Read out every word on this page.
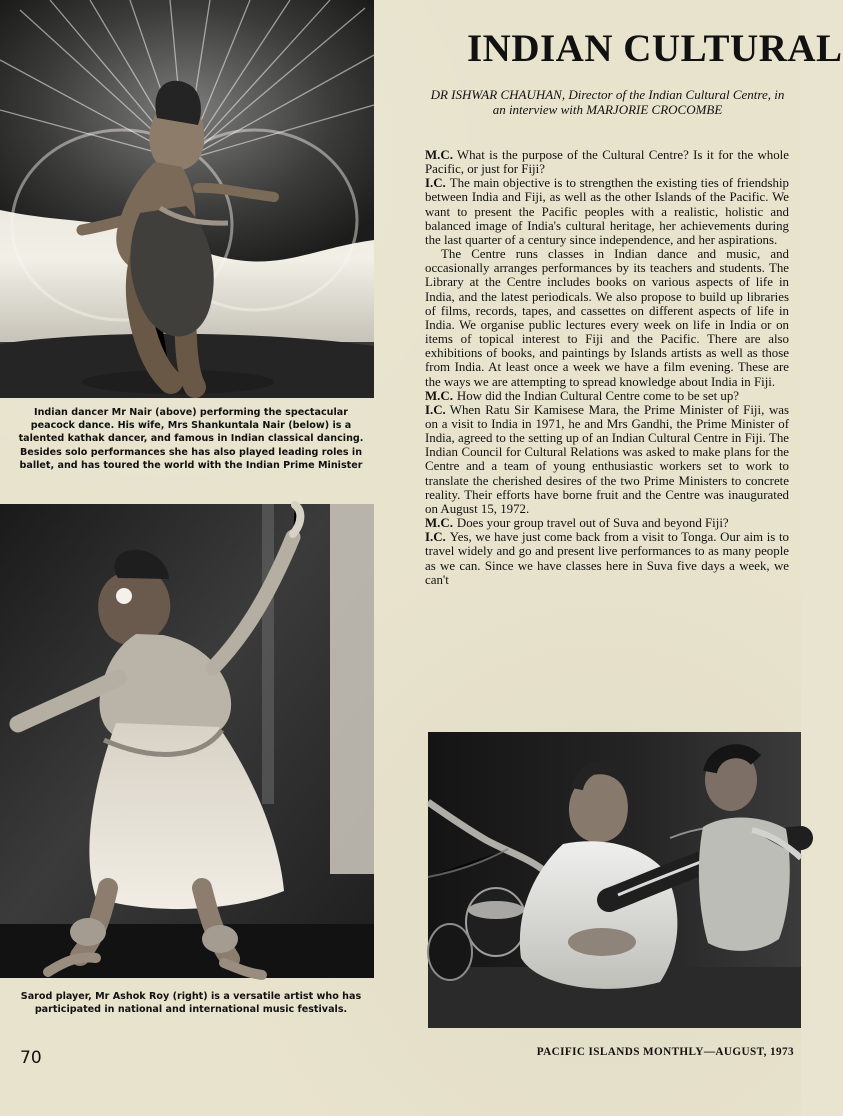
Indian dancer Mr Nair (above) performing the spectacular peacock dance. His wife, Mrs Shankuntala Nair (below) is a talented kathak dancer, and famous in Indian classical dancing. Besides solo performances she has also played leading roles in ballet, and has toured the world with the Indian Prime Minister
Sarod player, Mr Ashok Roy (right) is a versatile artist who has participated in national and international music festivals.
INDIAN CULTURAL
DR ISHWAR CHAUHAN, Director of the Indian Cultural Centre, in an interview with MARJORIE CROCOMBE

M.C. What is the purpose of the Cultural Centre? Is it for the whole Pacific, or just for Fiji?

I.C. The main objective is to strengthen the existing ties of friendship between India and Fiji, as well as the other Islands of the Pacific. We want to present the Pacific peoples with a realistic, holistic and balanced image of India's cultural heritage, her achievements during the last quarter of a century since independence, and her aspirations.

The Centre runs classes in Indian dance and music, and occasionally arranges performances by its teachers and students. The Library at the Centre includes books on various aspects of life in India, and the latest periodicals. We also propose to build up libraries of films, records, tapes, and cassettes on different aspects of life in India. We organise public lectures every week on life in India or on items of topical interest to Fiji and the Pacific. There are also exhibitions of books, and paintings by Islands artists as well as those from India. At least once a week we have a film evening. These are the ways we are attempting to spread knowledge about India in Fiji.

M.C. How did the Indian Cultural Centre come to be set up?

I.C. When Ratu Sir Kamisese Mara, the Prime Minister of Fiji, was on a visit to India in 1971, he and Mrs Gandhi, the Prime Minister of India, agreed to the setting up of an Indian Cultural Centre in Fiji. The Indian Council for Cultural Relations was asked to make plans for the Centre and a team of young enthusiastic workers set to work to translate the cherished desires of the two Prime Ministers to concrete reality. Their efforts have borne fruit and the Centre was inaugurated on August 15, 1972.

M.C. Does your group travel out of Suva and beyond Fiji?

I.C. Yes, we have just come back from a visit to Tonga. Our aim is to travel widely and go and present live performances to as many people as we can. Since we have classes here in Suva five days a week, we can't

70	PACIFIC ISLANDS MONTHLY—AUGUST, 1973
